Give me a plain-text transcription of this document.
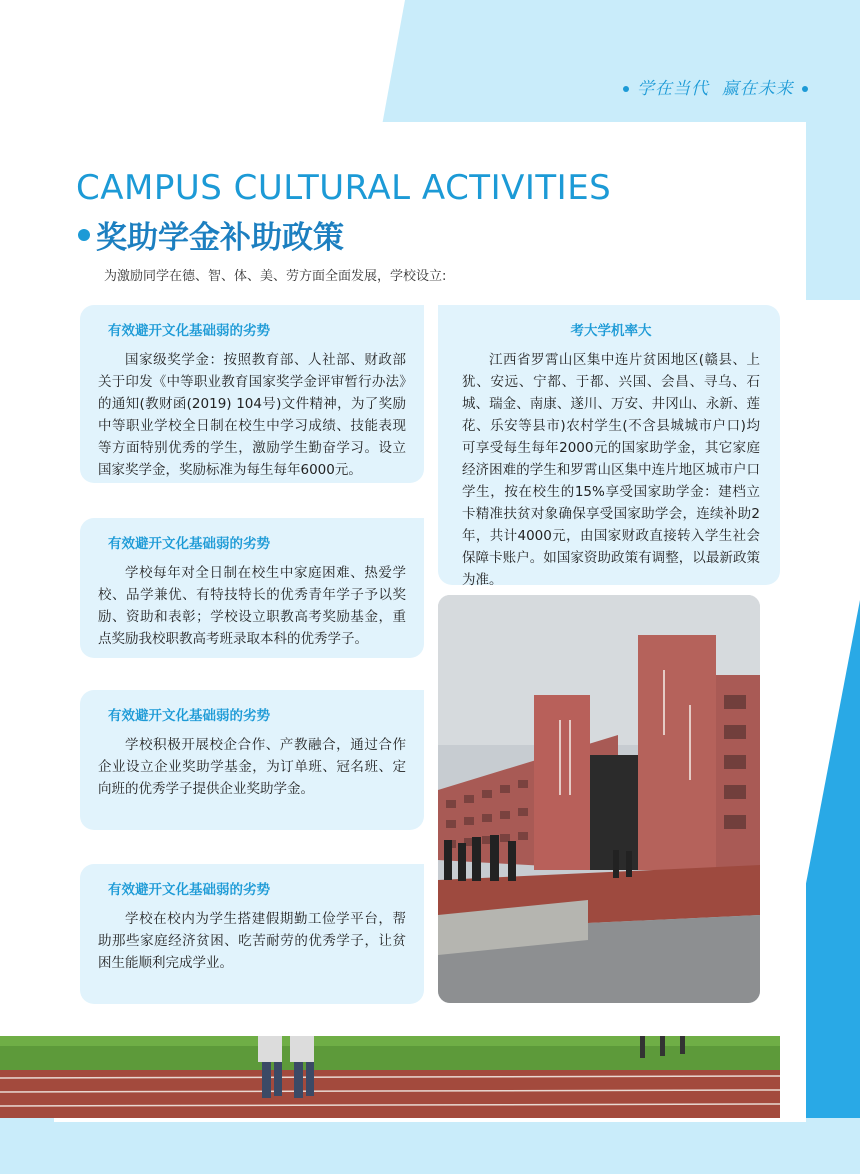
学在当代 赢在未来
CAMPUS CULTURAL ACTIVITIES
奖助学金补助政策
为激励同学在德、智、体、美、劳方面全面发展，学校设立:
有效避开文化基础弱的劣势
国家级奖学金：按照教育部、人社部、财政部关于印发《中等职业教育国家奖学金评审暂行办法》的通知(教财函(2019) 104号)文件精神，为了奖励中等职业学校全日制在校生中学习成绩、技能表现等方面特别优秀的学生，激励学生勤奋学习。设立国家奖学金，奖励标准为每生每年6000元。
有效避开文化基础弱的劣势
学校每年对全日制在校生中家庭困难、热爱学校、品学兼优、有特技特长的优秀青年学子予以奖励、资助和表彰；学校设立职教高考奖励基金，重点奖励我校职教高考班录取本科的优秀学子。
有效避开文化基础弱的劣势
学校积极开展校企合作、产教融合，通过合作企业设立企业奖助学基金，为订单班、冠名班、定向班的优秀学子提供企业奖助学金。
有效避开文化基础弱的劣势
学校在校内为学生搭建假期勤工俭学平台，帮助那些家庭经济贫困、吃苦耐劳的优秀学子，让贫困生能顺利完成学业。
考大学机率大
江西省罗霄山区集中连片贫困地区(赣县、上犹、安远、宁都、于都、兴国、会昌、寻乌、石城、瑞金、南康、遂川、万安、井冈山、永新、莲花、乐安等县市)农村学生(不含县城城市户口)均可享受每生每年2000元的国家助学金，其它家庭经济困难的学生和罗霄山区集中连片地区城市户口学生，按在校生的15%享受国家助学金：建档立卡精准扶贫对象确保享受国家助学会，连续补助2年，共计4000元，由国家财政直接转入学生社会保障卡账户。如国家资助政策有调整，以最新政策为准。
